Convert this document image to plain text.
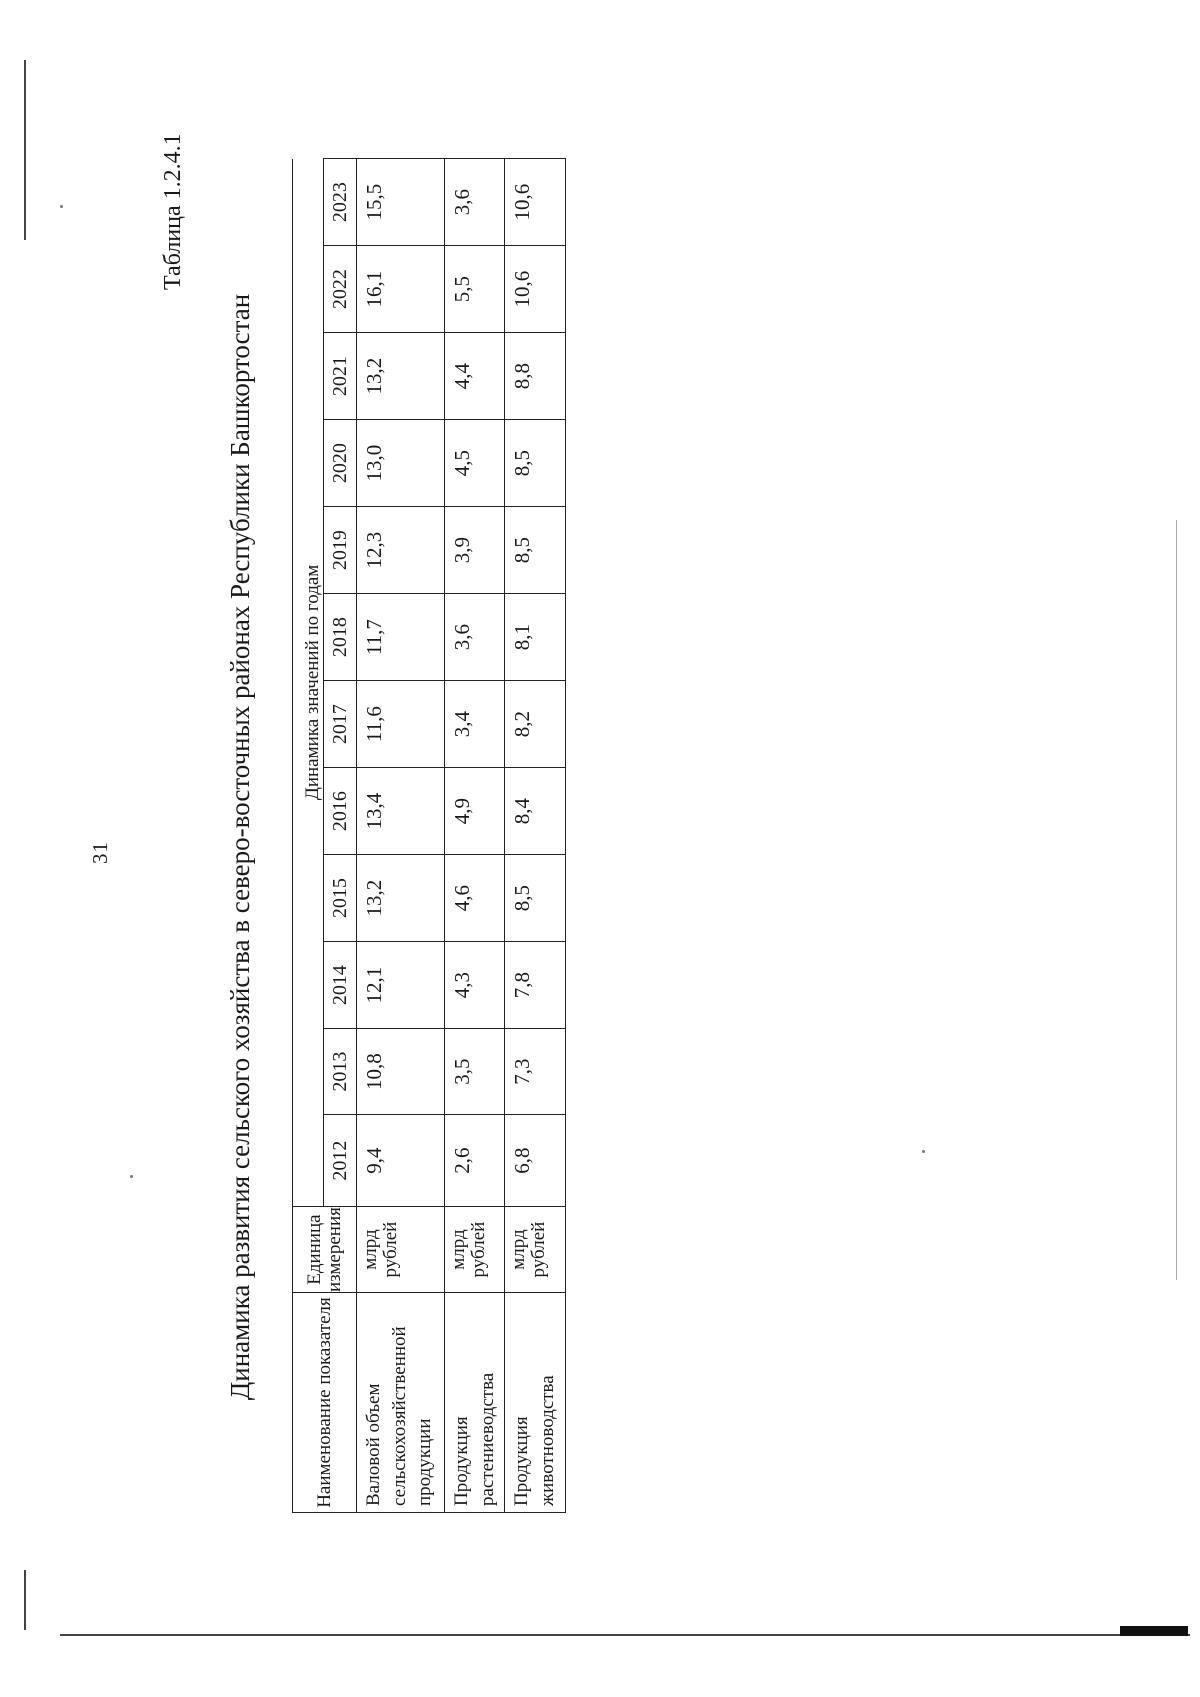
31
Таблица 1.2.4.1
Динамика развития сельского хозяйства в северо-восточных районах Республики Башкортостан
Наименование показателя	Единица измерения	Динамика значений по годам												
		2012	2013	2014	2015	2016	2017	2018	2019	2020	2021	2022	2023	
Валовой объем сельскохозяйственной продукции	млрд рублей	9,4	10,8	12,1	13,2	13,4	11,6	11,7	12,3	13,0	13,2	16,1	15,5	
Продукция растениеводства	млрд рублей	2,6	3,5	4,3	4,6	4,9	3,4	3,6	3,9	4,5	4,4	5,5	3,6	
Продукция животноводства	млрд рублей	6,8	7,3	7,8	8,5	8,4	8,2	8,1	8,5	8,5	8,8	10,6	10,6	
